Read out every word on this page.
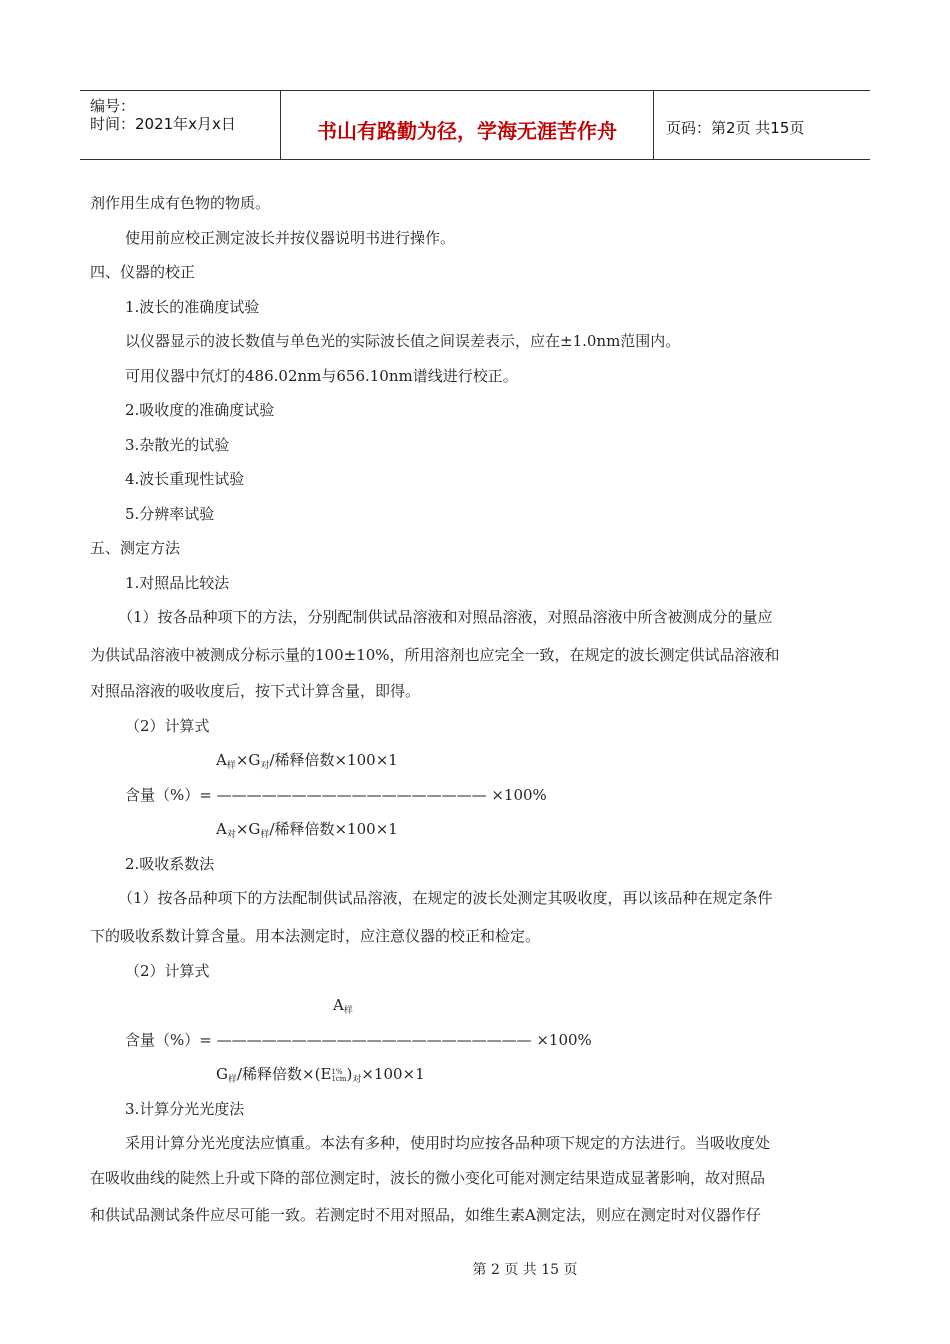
编号：
时间：2021年x月x日	书山有路勤为径，学海无涯苦作舟	页码：第2页 共15页
剂作用生成有色物的物质。
使用前应校正测定波长并按仪器说明书进行操作。
四、仪器的校正
1.波长的准确度试验
以仪器显示的波长数值与单色光的实际波长值之间误差表示，应在±1.0nm范围内。
可用仪器中氘灯的486.02nm与656.10nm谱线进行校正。
2.吸收度的准确度试验
3.杂散光的试验
4.波长重现性试验
5.分辨率试验
五、测定方法
1.对照品比较法
（1）按各品种项下的方法，分别配制供试品溶液和对照品溶液，对照品溶液中所含被测成分的量应
为供试品溶液中被测成分标示量的100±10%，所用溶剂也应完全一致，在规定的波长测定供试品溶液和
对照品溶液的吸收度后，按下式计算含量，即得。
（2）计算式
$A_样\times G_对/$稀释倍数×100×1
含量（%）= —————————————————— ×100%
$A_对\times G_样/$稀释倍数×100×1
2.吸收系数法
（1）按各品种项下的方法配制供试品溶液，在规定的波长处测定其吸收度，再以该品种在规定条件
下的吸收系数计算含量。用本法测定时，应注意仪器的校正和检定。
（2）计算式
$A_样$
含量（%）= ————————————————————— ×100%
$G_样/$稀释倍数×(E 1%
1cm )$_对\times 100\times 1$
3.计算分光光度法
采用计算分光光度法应慎重。本法有多种，使用时均应按各品种项下规定的方法进行。当吸收度处
在吸收曲线的陡然上升或下降的部位测定时，波长的微小变化可能对测定结果造成显著影响，故对照品
和供试品测试条件应尽可能一致。若测定时不用对照品，如维生素A测定法，则应在测定时对仪器作仔
第 2 页 共 15 页
